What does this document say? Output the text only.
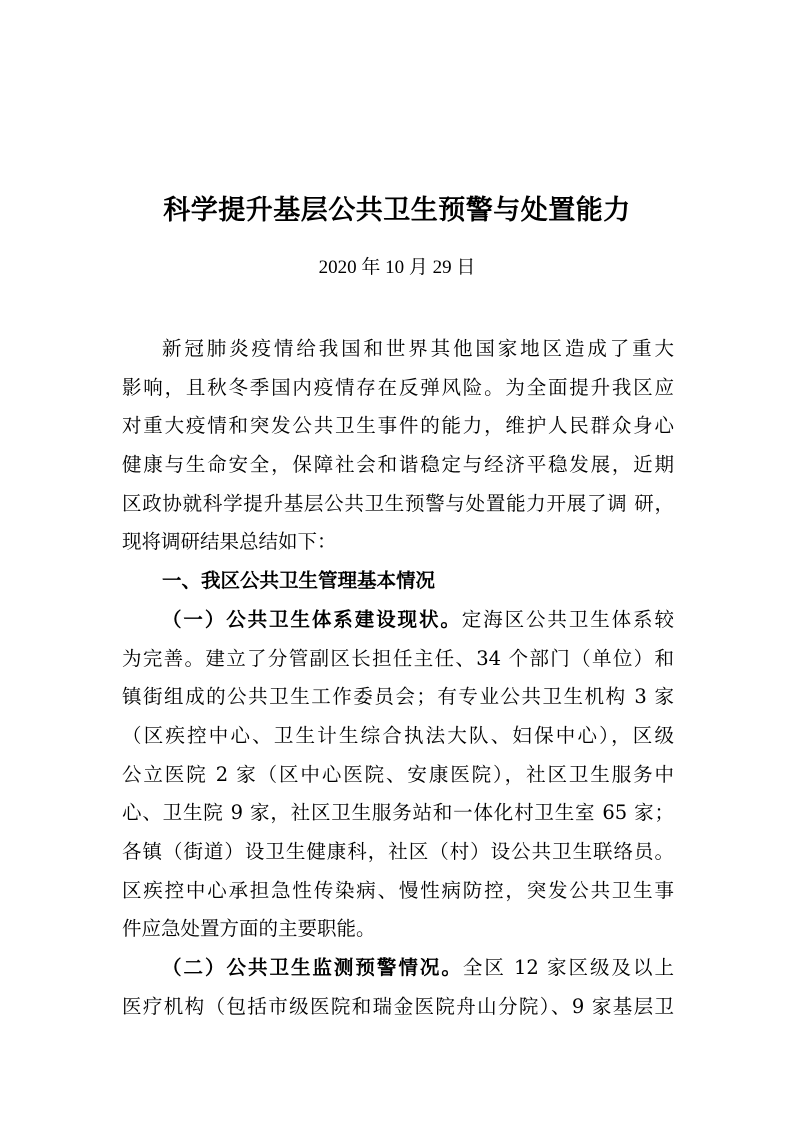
科学提升基层公共卫生预警与处置能力
2020 年 10 月 29 日
新冠肺炎疫情给我国和世界其他国家地区造成了重大
影响，且秋冬季国内疫情存在反弹风险。为全面提升我区应
对重大疫情和突发公共卫生事件的能力，维护人民群众身心
健康与生命安全，保障社会和谐稳定与经济平稳发展，近期
区政协就科学提升基层公共卫生预警与处置能力开展了调 研，
现将调研结果总结如下：
一、我区公共卫生管理基本情况
（一）公共卫生体系建设现状。定海区公共卫生体系较
为完善。建立了分管副区长担任主任、34 个部门（单位）和
镇街组成的公共卫生工作委员会；有专业公共卫生机构 3 家
（区疾控中心、卫生计生综合执法大队、妇保中心），区级
公立医院 2 家（区中心医院、安康医院），社区卫生服务中
心、卫生院 9 家，社区卫生服务站和一体化村卫生室 65 家；
各镇（街道）设卫生健康科，社区（村）设公共卫生联络员。
区疾控中心承担急性传染病、慢性病防控，突发公共卫生事
件应急处置方面的主要职能。
（二）公共卫生监测预警情况。全区 12 家区级及以上
医疗机构（包括市级医院和瑞金医院舟山分院）、9 家基层卫
